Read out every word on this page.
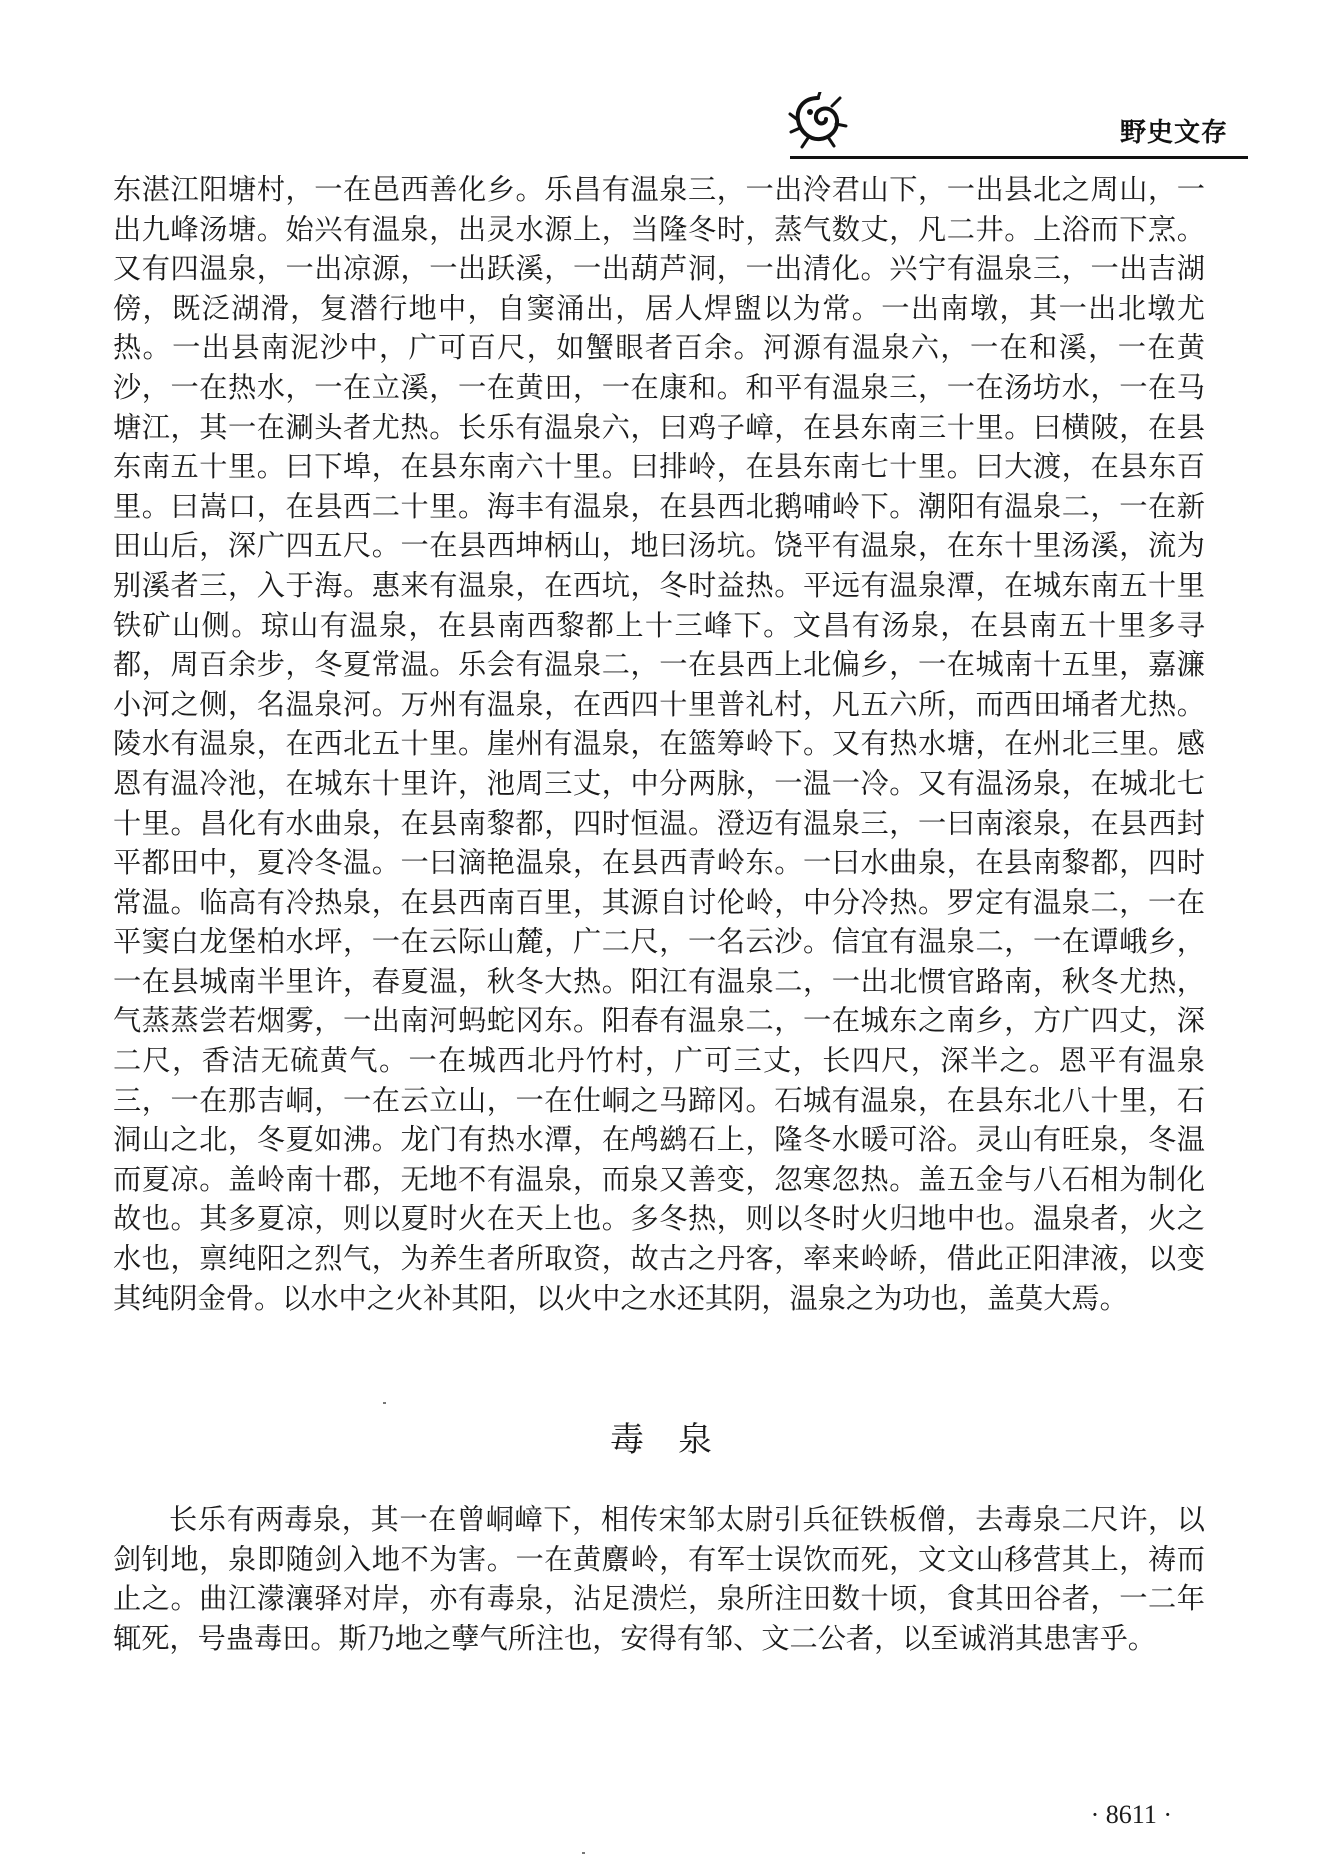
野史文存

东湛江阳塘村，一在邑西善化乡。乐昌有温泉三，一出泠君山下，一出县北之周山，一出九峰汤塘。始兴有温泉，出灵水源上，当隆冬时，蒸气数丈，凡二井。上浴而下烹。又有四温泉，一出凉源，一出跃溪，一出葫芦洞，一出清化。兴宁有温泉三，一出吉湖傍，既泛湖滑，复潜行地中，自窦涌出，居人焊盥以为常。一出南墩，其一出北墩尤热。一出县南泥沙中，广可百尺，如蟹眼者百余。河源有温泉六，一在和溪，一在黄沙，一在热水，一在立溪，一在黄田，一在康和。和平有温泉三，一在汤坊水，一在马塘江，其一在涮头者尤热。长乐有温泉六，曰鸡子嶂，在县东南三十里。曰横陂，在县东南五十里。曰下埠，在县东南六十里。曰排岭，在县东南七十里。曰大渡，在县东百里。曰嵩口，在县西二十里。海丰有温泉，在县西北鹅哺岭下。潮阳有温泉二，一在新田山后，深广四五尺。一在县西坤柄山，地曰汤坑。饶平有温泉，在东十里汤溪，流为别溪者三，入于海。惠来有温泉，在西坑，冬时益热。平远有温泉潭，在城东南五十里铁矿山侧。琼山有温泉，在县南西黎都上十三峰下。文昌有汤泉，在县南五十里多寻都，周百余步，冬夏常温。乐会有温泉二，一在县西上北偏乡，一在城南十五里，嘉濂小河之侧，名温泉河。万州有温泉，在西四十里普礼村，凡五六所，而西田埇者尤热。陵水有温泉，在西北五十里。崖州有温泉，在篮筹岭下。又有热水塘，在州北三里。感恩有温冷池，在城东十里许，池周三丈，中分两脉，一温一冷。又有温汤泉，在城北七十里。昌化有水曲泉，在县南黎都，四时恒温。澄迈有温泉三，一曰南滚泉，在县西封平都田中，夏冷冬温。一曰滴艳温泉，在县西青岭东。一曰水曲泉，在县南黎都，四时常温。临高有冷热泉，在县西南百里，其源自讨伦岭，中分冷热。罗定有温泉二，一在平窦白龙堡柏水坪，一在云际山麓，广二尺，一名云沙。信宜有温泉二，一在谭峨乡，一在县城南半里许，春夏温，秋冬大热。阳江有温泉二，一出北惯官路南，秋冬尤热，气蒸蒸尝若烟雾，一出南河蚂蛇冈东。阳春有温泉二，一在城东之南乡，方广四丈，深二尺，香洁无硫黄气。一在城西北丹竹村，广可三丈，长四尺，深半之。恩平有温泉三，一在那吉峒，一在云立山，一在仕峒之马蹄冈。石城有温泉，在县东北八十里，石洞山之北，冬夏如沸。龙门有热水潭，在鸬鹚石上，隆冬水暖可浴。灵山有旺泉，冬温而夏凉。盖岭南十郡，无地不有温泉，而泉又善变，忽寒忽热。盖五金与八石相为制化故也。其多夏凉，则以夏时火在天上也。多冬热，则以冬时火归地中也。温泉者，火之水也，禀纯阳之烈气，为养生者所取资，故古之丹客，率来岭峤，借此正阳津液，以变其纯阴金骨。以水中之火补其阳，以火中之水还其阴，温泉之为功也，盖莫大焉。

毒泉

长乐有两毒泉，其一在曾峒嶂下，相传宋邹太尉引兵征铁板僧，去毒泉二尺许，以剑钊地，泉即随剑入地不为害。一在黄麖岭，有军士误饮而死，文文山移营其上，祷而止之。曲江濛瀼驿对岸，亦有毒泉，沾足溃烂，泉所注田数十顷，食其田谷者，一二年辄死，号蛊毒田。斯乃地之孽气所注也，安得有邹、文二公者，以至诚消其患害乎。

· 8611 ·
